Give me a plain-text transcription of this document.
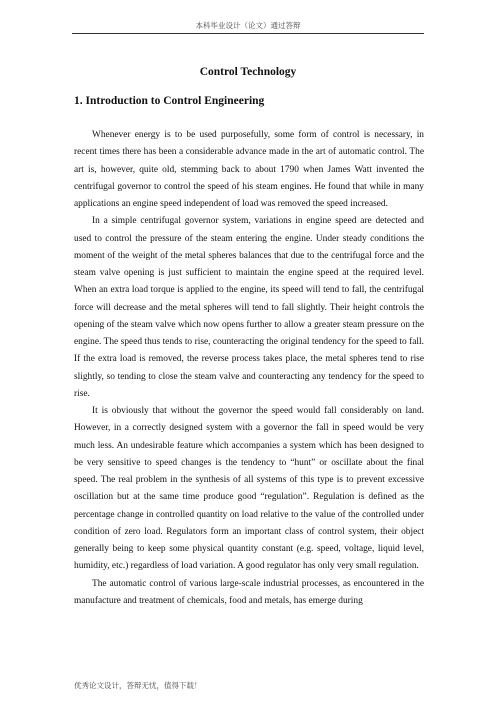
本科毕业设计（论文）通过答辩
Control Technology
1. Introduction to Control Engineering

Whenever energy is to be used purposefully, some form of control is necessary, in recent times there has been a considerable advance made in the art of automatic control. The art is, however, quite old, stemming back to about 1790 when James Watt invented the centrifugal governor to control the speed of his steam engines. He found that while in many applications an engine speed independent of load was removed the speed increased.

In a simple centrifugal governor system, variations in engine speed are detected and used to control the pressure of the steam entering the engine. Under steady conditions the moment of the weight of the metal spheres balances that due to the centrifugal force and the steam valve opening is just sufficient to maintain the engine speed at the required level. When an extra load torque is applied to the engine, its speed will tend to fall, the centrifugal force will decrease and the metal spheres will tend to fall slightly. Their height controls the opening of the steam valve which now opens further to allow a greater steam pressure on the engine. The speed thus tends to rise, counteracting the original tendency for the speed to fall. If the extra load is removed, the reverse process takes place, the metal spheres tend to rise slightly, so tending to close the steam valve and counteracting any tendency for the speed to rise.

It is obviously that without the governor the speed would fall considerably on land. However, in a correctly designed system with a governor the fall in speed would be very much less. An undesirable feature which accompanies a system which has been designed to be very sensitive to speed changes is the tendency to “hunt” or oscillate about the final speed. The real problem in the synthesis of all systems of this type is to prevent excessive oscillation but at the same time produce good “regulation”. Regulation is defined as the percentage change in controlled quantity on load relative to the value of the controlled under condition of zero load. Regulators form an important class of control system, their object generally being to keep some physical quantity constant (e.g. speed, voltage, liquid level, humidity, etc.) regardless of load variation. A good regulator has only very small regulation.

The automatic control of various large-scale industrial processes, as encountered in the manufacture and treatment of chemicals, food and metals, has emerge during

优秀论文设计，答辩无忧，值得下载！
